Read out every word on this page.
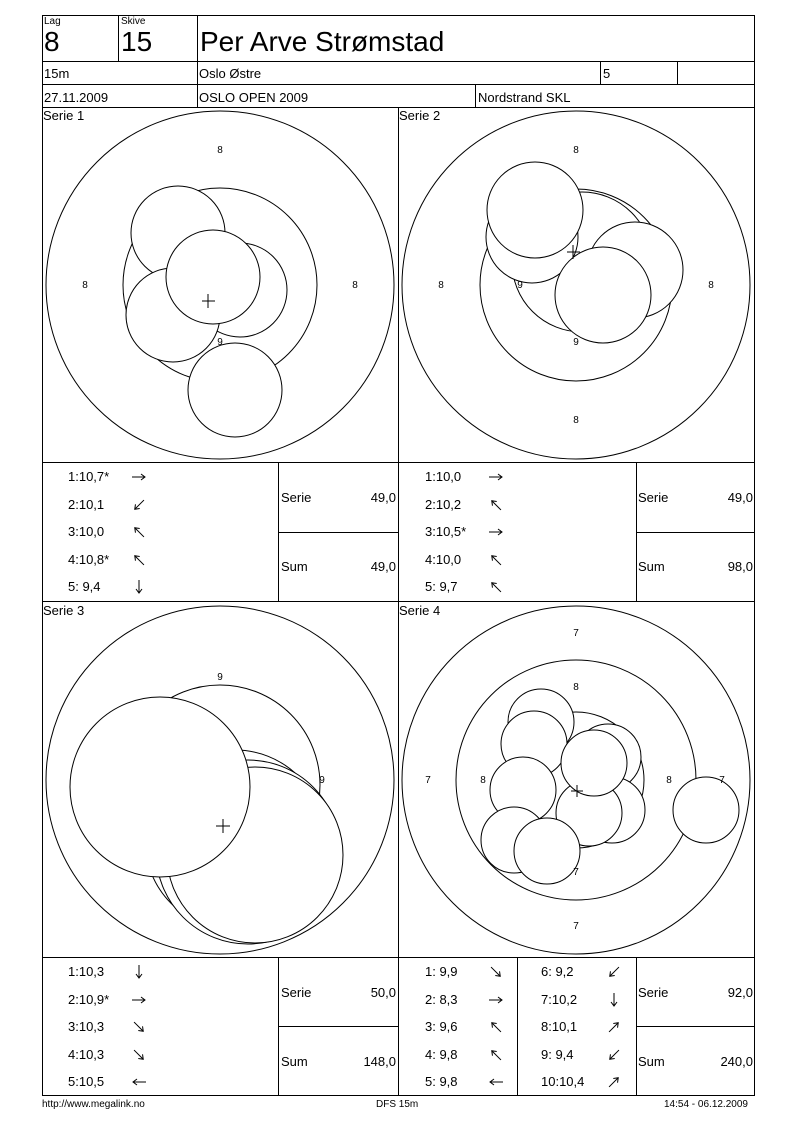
Lag
8
Skive
15 Per Arve Strømstad
15m	Oslo Østre	5
27.11.2009	OSLO OPEN 2009	Nordstrand SKL
8
8	8
9
8
8	8
8
9
9
9
9
7
7	7
7
7
8
8	8
Serie 1	Serie 2
Serie 3	Serie 4
1:10,7*
2:10,1
3:10,0
4:10,8*
5: 9,4
1:10,0
2:10,2
3:10,5*
4:10,0
5: 9,7
1:10,3
2:10,9*
3:10,3
4:10,3
5:10,5
1: 9,9
2: 8,3
3: 9,6
4: 9,8
5: 9,8
6: 9,2
7:10,2
8:10,1
9: 9,4
10:10,4
Serie	49,0
Sum	49,0
Serie	49,0
Sum	98,0
Serie	50,0
Sum	148,0
Serie	92,0
Sum	240,0
http://www.megalink.no	DFS 15m	14:54 - 06.12.2009
